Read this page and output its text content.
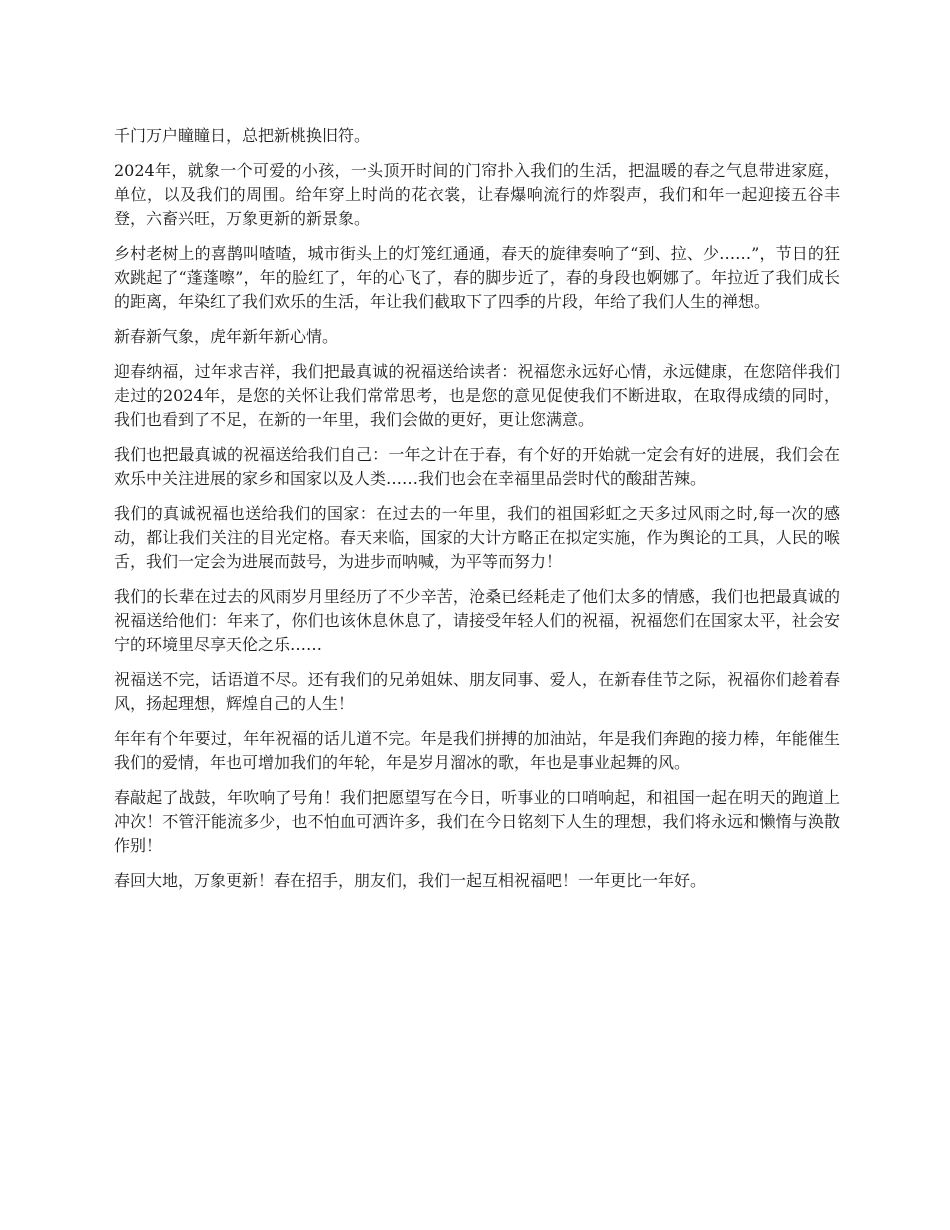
千门万户瞳瞳日，总把新桃换旧符。

2024年，就象一个可爱的小孩，一头顶开时间的门帘扑入我们的生活，把温暖的春之气息带进家庭，单位，以及我们的周围。给年穿上时尚的花衣裳，让春爆响流行的炸裂声，我们和年一起迎接五谷丰登，六畜兴旺，万象更新的新景象。

乡村老树上的喜鹊叫喳喳，城市街头上的灯笼红通通，春天的旋律奏响了“到、拉、少……”，节日的狂欢跳起了“蓬蓬嚓”，年的脸红了，年的心飞了，春的脚步近了，春的身段也婀娜了。年拉近了我们成长的距离，年染红了我们欢乐的生活，年让我们截取下了四季的片段，年给了我们人生的禅想。

新春新气象，虎年新年新心情。

迎春纳福，过年求吉祥，我们把最真诚的祝福送给读者：祝福您永远好心情，永远健康，在您陪伴我们走过的2024年，是您的关怀让我们常常思考，也是您的意见促使我们不断进取，在取得成绩的同时，我们也看到了不足，在新的一年里，我们会做的更好，更让您满意。

我们也把最真诚的祝福送给我们自己：一年之计在于春，有个好的开始就一定会有好的进展，我们会在欢乐中关注进展的家乡和国家以及人类……我们也会在幸福里品尝时代的酸甜苦辣。

我们的真诚祝福也送给我们的国家：在过去的一年里，我们的祖国彩虹之天多过风雨之时,每一次的感动，都让我们关注的目光定格。春天来临，国家的大计方略正在拟定实施，作为舆论的工具，人民的喉舌，我们一定会为进展而鼓号，为进步而呐喊，为平等而努力！

我们的长辈在过去的风雨岁月里经历了不少辛苦，沧桑已经耗走了他们太多的情感，我们也把最真诚的祝福送给他们：年来了，你们也该休息休息了，请接受年轻人们的祝福，祝福您们在国家太平，社会安宁的环境里尽享天伦之乐……

祝福送不完，话语道不尽。还有我们的兄弟姐妹、朋友同事、爱人，在新春佳节之际，祝福你们趁着春风，扬起理想，辉煌自己的人生！

年年有个年要过，年年祝福的话儿道不完。年是我们拼搏的加油站，年是我们奔跑的接力棒，年能催生我们的爱情，年也可增加我们的年轮，年是岁月溜冰的歌，年也是事业起舞的风。

春敲起了战鼓，年吹响了号角！我们把愿望写在今日，听事业的口哨响起，和祖国一起在明天的跑道上冲次！不管汗能流多少，也不怕血可洒许多，我们在今日铭刻下人生的理想，我们将永远和懒惰与涣散作别！

春回大地，万象更新！春在招手，朋友们，我们一起互相祝福吧！一年更比一年好。
